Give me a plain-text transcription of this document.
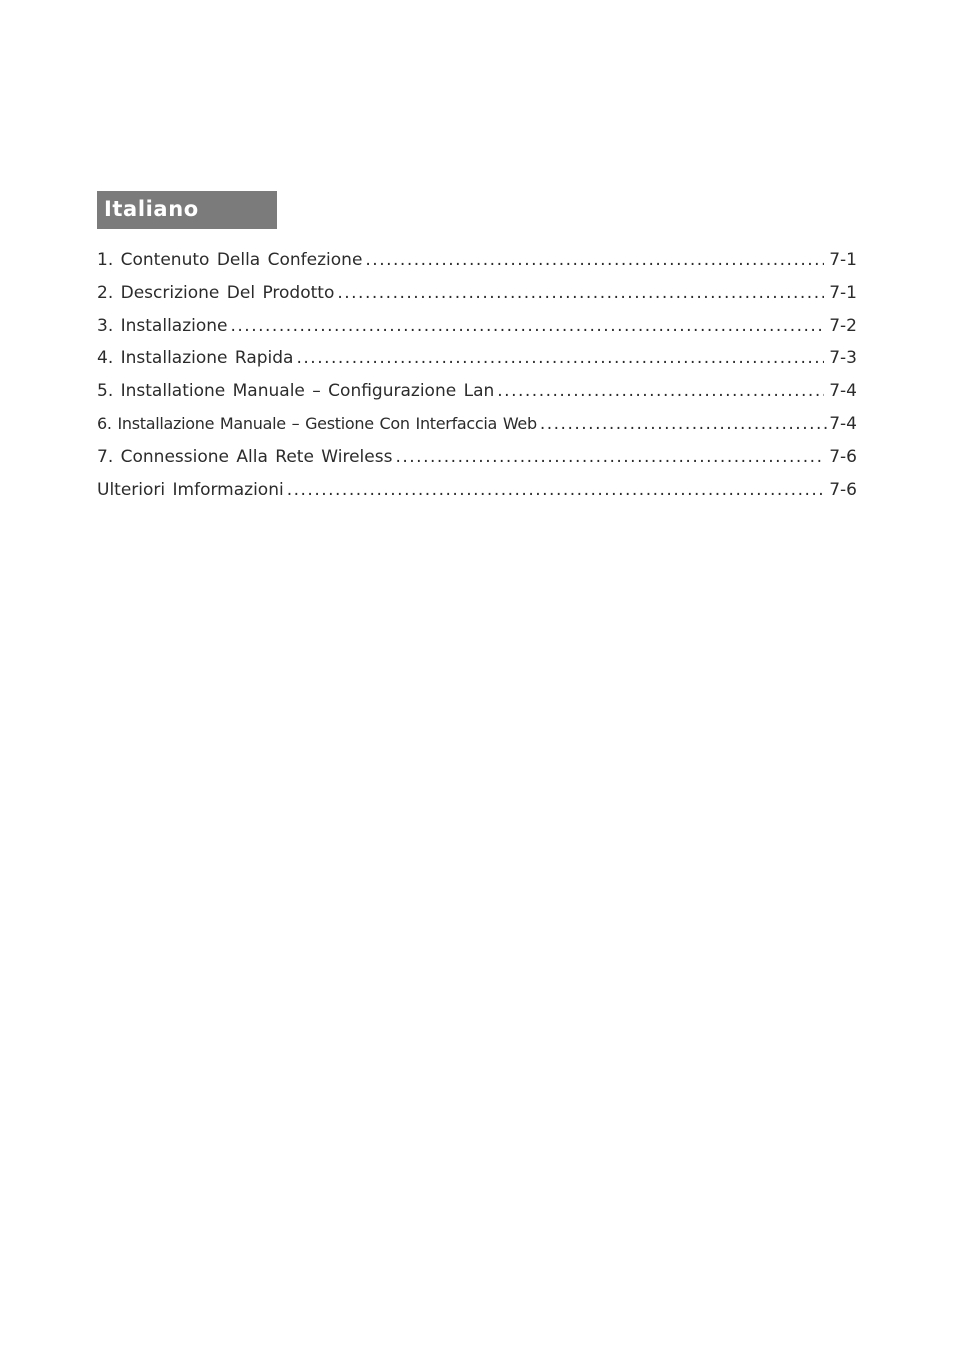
Italiano
1. Contenuto Della Confezione .....	7-1
2. Descrizione Del Prodotto .....	7-1
3. Installazione .....	7-2
4. Installazione Rapida .....	7-3
5. Installatione Manuale – Configurazione Lan .....	7-4
6. Installazione Manuale – Gestione Con Interfaccia Web .....	7-4
7. Connessione Alla Rete Wireless .....	7-6
Ulteriori Imformazioni .....	7-6
